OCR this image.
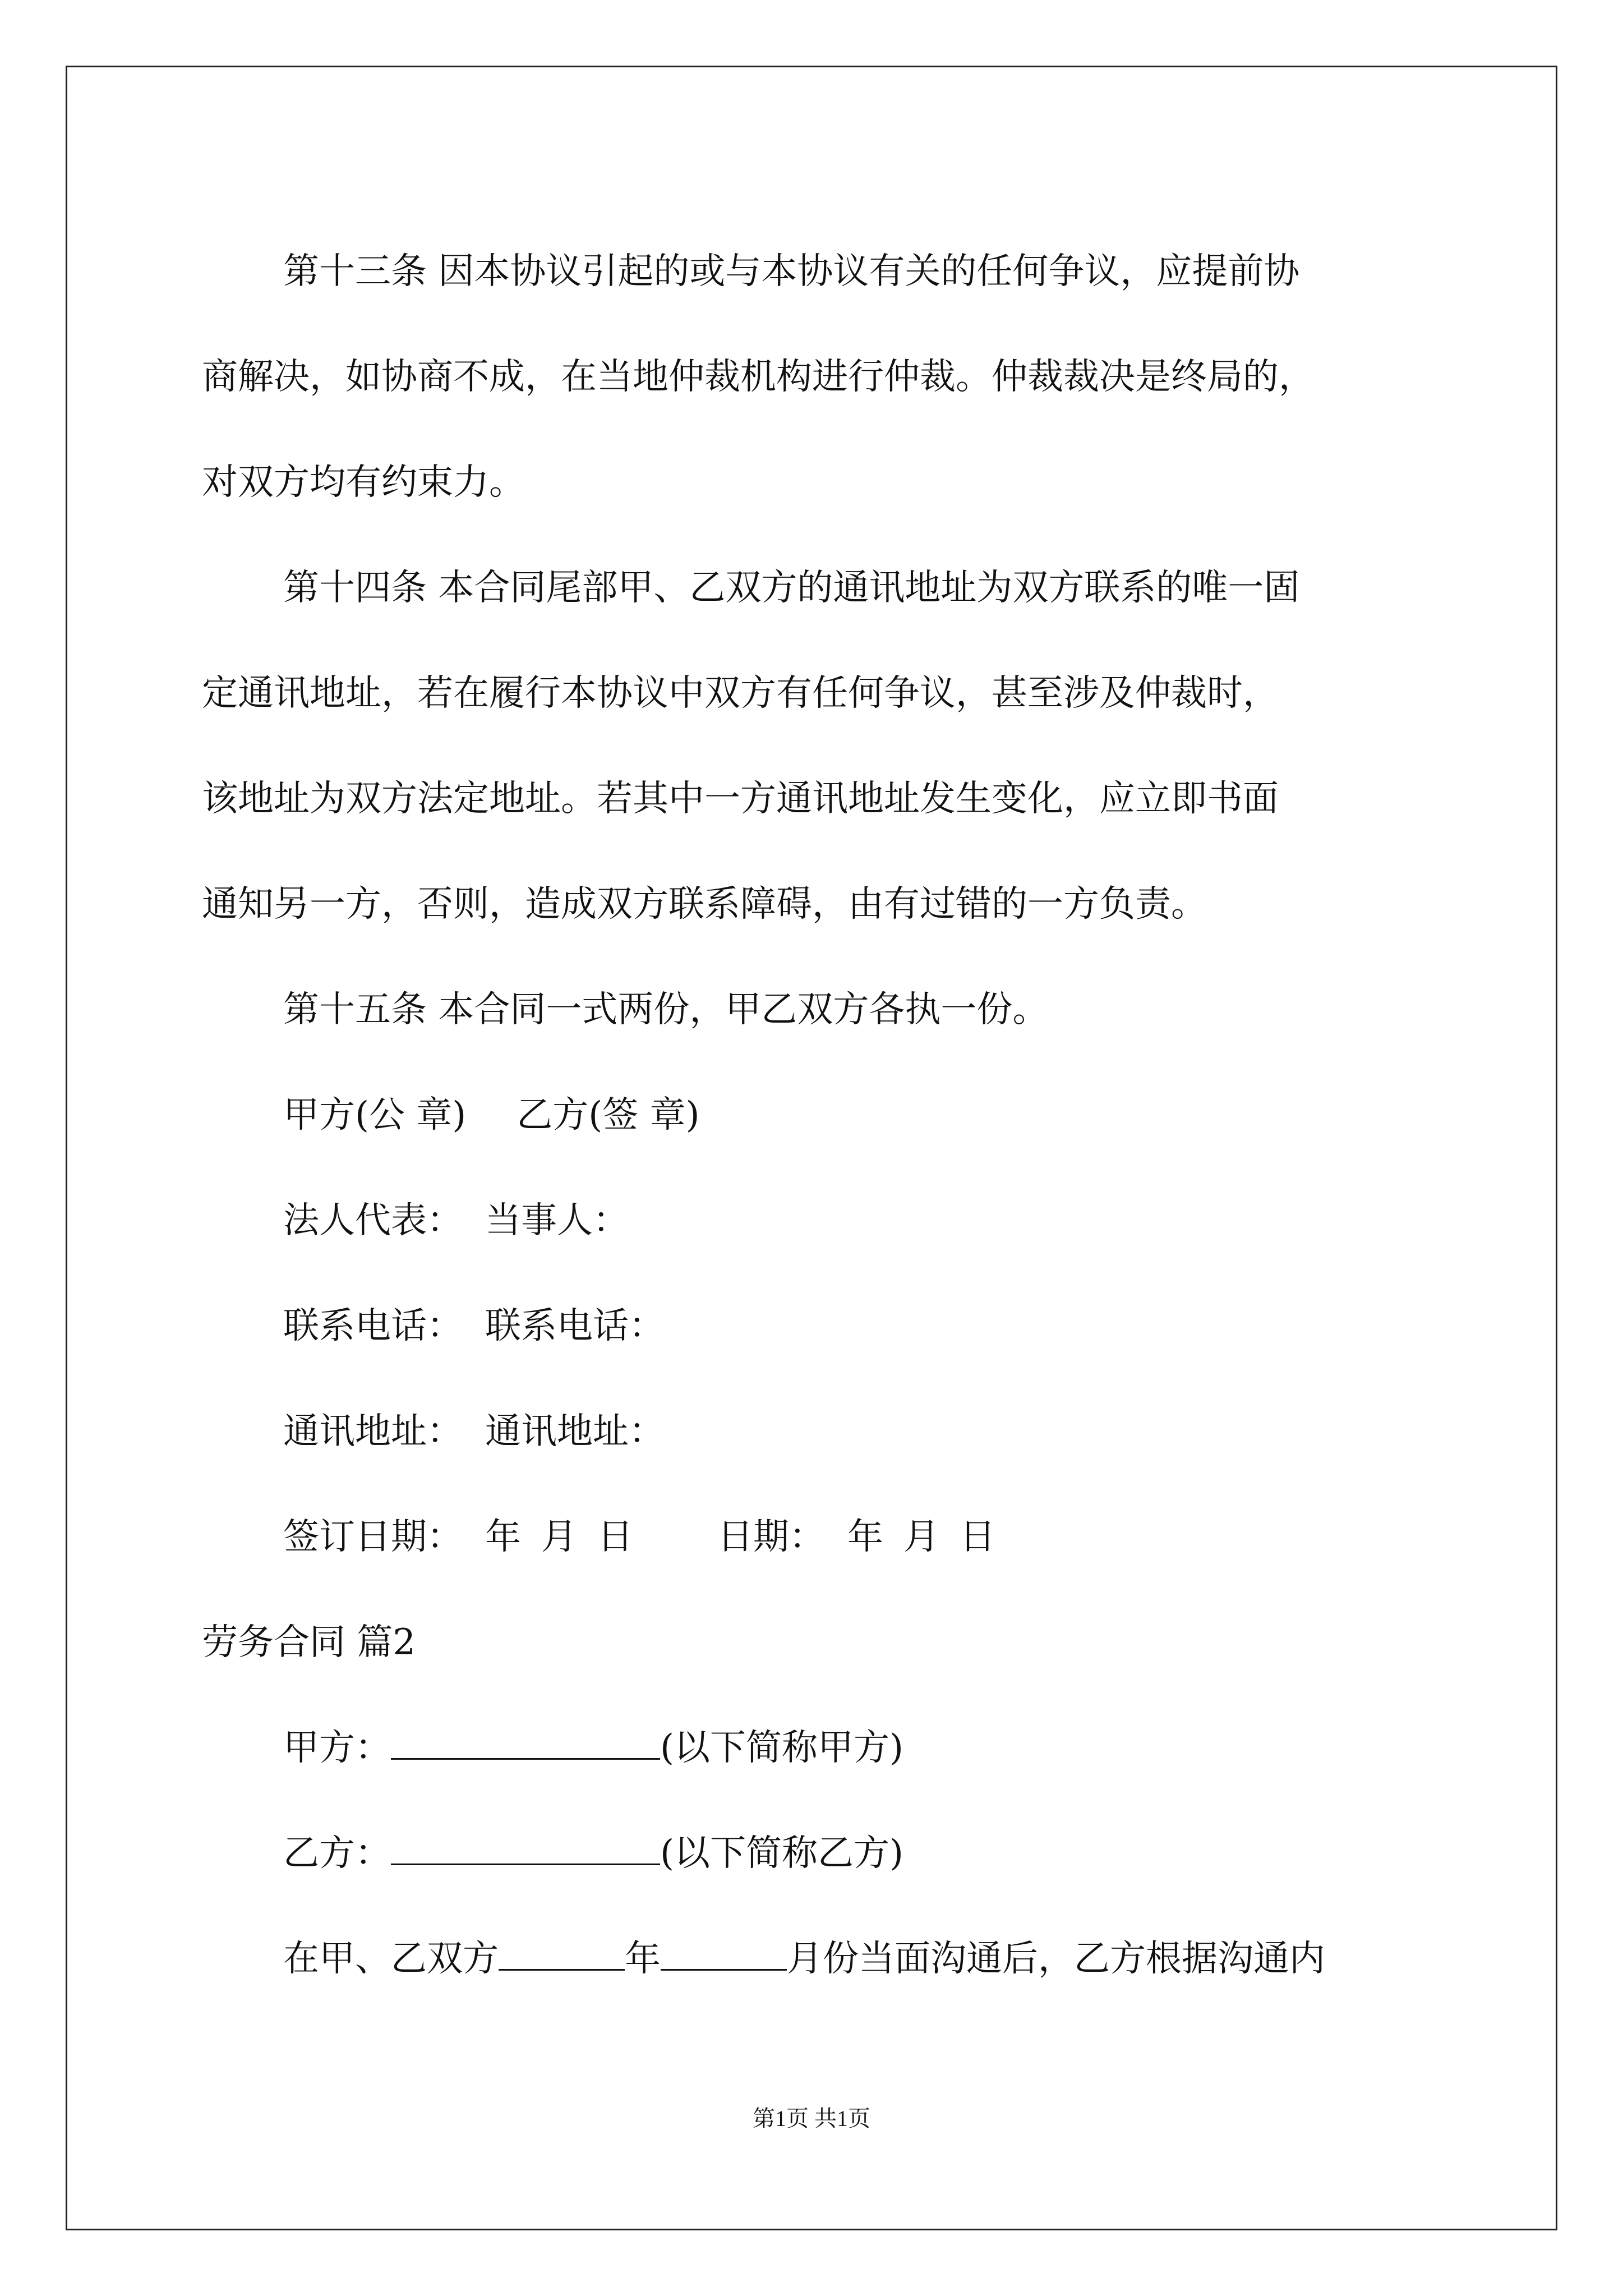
第十三条 因本协议引起的或与本协议有关的任何争议，应提前协

商解决，如协商不成，在当地仲裁机构进行仲裁。仲裁裁决是终局的，

对双方均有约束力。

第十四条 本合同尾部甲、乙双方的通讯地址为双方联系的唯一固

定通讯地址，若在履行本协议中双方有任何争议，甚至涉及仲裁时，

该地址为双方法定地址。若其中一方通讯地址发生变化，应立即书面

通知另一方，否则，造成双方联系障碍，由有过错的一方负责。

第十五条 本合同一式两份，甲乙双方各执一份。

甲方(公 章) 乙方(签 章)

法人代表： 当事人：

联系电话： 联系电话：

通讯地址： 通讯地址：

签订日期： 年 月 日 日期： 年 月 日

劳务合同 篇2

甲方：	(以下简称甲方)

乙方：	(以下简称乙方)

在甲、乙双方	年	月份当面沟通后，乙方根据沟通内

第1页 共1页
